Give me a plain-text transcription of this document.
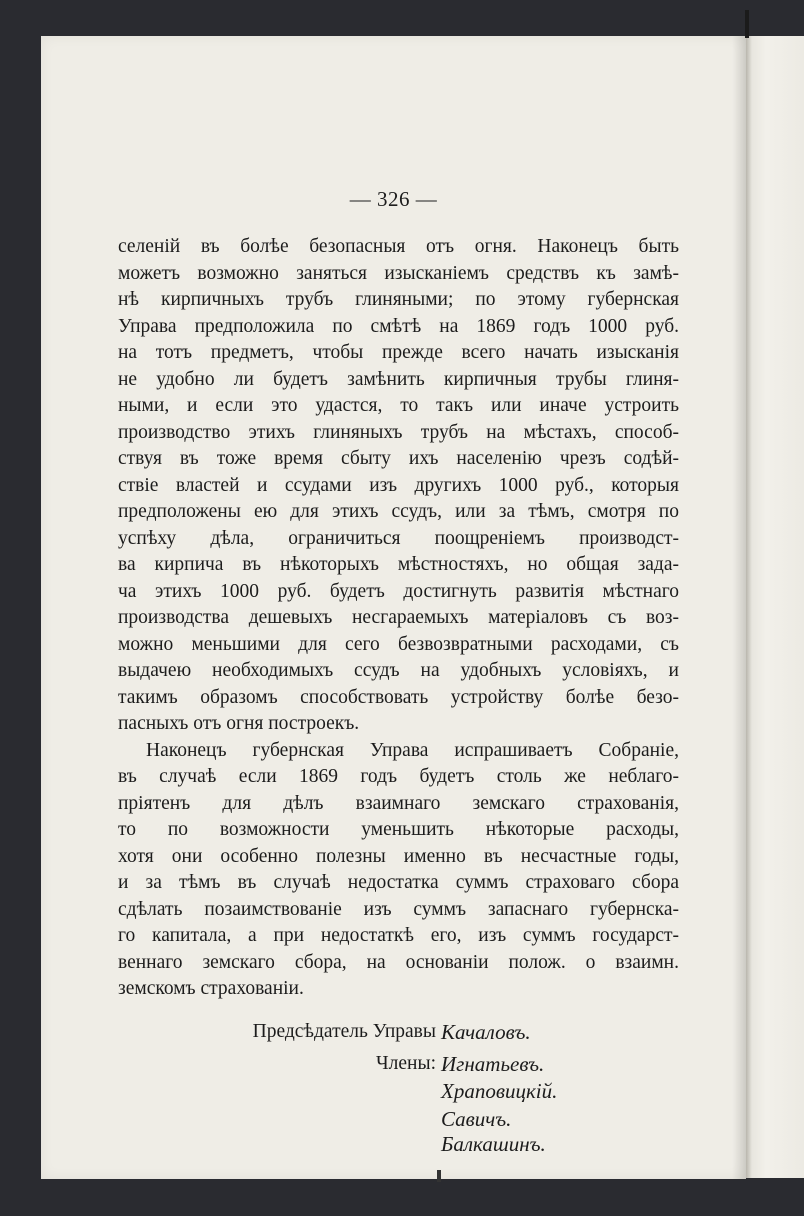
— 326 —
селеній въ болѣе безопасныя отъ огня. Наконецъ быть
можетъ возможно заняться изысканіемъ средствъ къ замѣ-
нѣ кирпичныхъ трубъ глиняными; по этому губернская
Управа предположила по смѣтѣ на 1869 годъ 1000 руб.
на тотъ предметъ, чтобы прежде всего начать изысканія
не удобно ли будетъ замѣнить кирпичныя трубы глиня-
ными, и если это удастся, то такъ или иначе устроить
производство этихъ глиняныхъ трубъ на мѣстахъ, способ-
ствуя въ тоже время сбыту ихъ населенію чрезъ содѣй-
ствіе властей и ссудами изъ другихъ 1000 руб., которыя
предположены ею для этихъ ссудъ, или за тѣмъ, смотря по
успѣху дѣла, ограничиться поощреніемъ производст-
ва кирпича въ нѣкоторыхъ мѣстностяхъ, но общая зада-
ча этихъ 1000 руб. будетъ достигнуть развитія мѣстнаго
производства дешевыхъ несгараемыхъ матеріаловъ съ воз-
можно меньшими для сего безвозвратными расходами, съ
выдачею необходимыхъ ссудъ на удобныхъ условіяхъ, и
такимъ образомъ способствовать устройству болѣе безо-
пасныхъ отъ огня построекъ.
Наконецъ губернская Управа испрашиваетъ Собраніе,
въ случаѣ если 1869 годъ будетъ столь же неблаго-
пріятенъ для дѣлъ взаимнаго земскаго страхованія,
то по возможности уменьшить нѣкоторые расходы,
хотя они особенно полезны именно въ несчастные годы,
и за тѣмъ въ случаѣ недостатка суммъ страховаго сбора
сдѣлать позаимствованіе изъ суммъ запаснаго губернска-
го капитала, а при недостаткѣ его, изъ суммъ государст-
веннаго земскаго сбора, на основаніи полож. о взаимн.
земскомъ страхованіи.
Предсѣдатель Управы Качаловъ.
Члены: Игнатьевъ.
Храповицкій.
Савичъ.
Балкашинъ.
